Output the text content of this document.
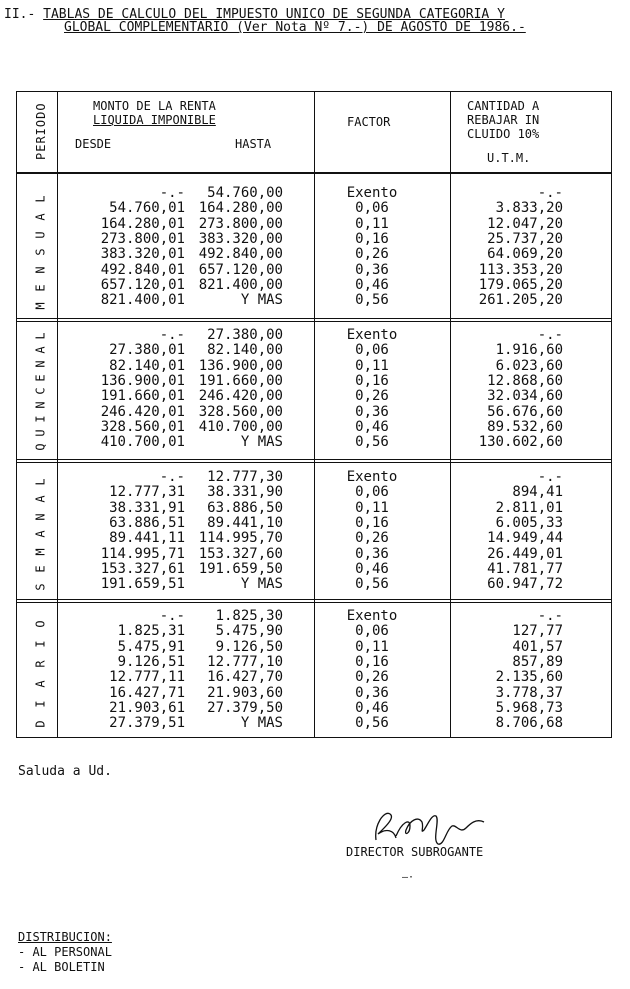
II.- TABLAS DE CALCULO DEL IMPUESTO UNICO DE SEGUNDA CATEGORIA Y
GLOBAL COMPLEMENTARIO (Ver Nota Nº 7.-) DE AGOSTO DE 1986.-
PERIODO	MONTO DE LA RENTA
LIQUIDA IMPONIBLE
DESDE	HASTA
FACTOR
CANTIDAD A
REBAJAR IN
CLUIDO 10%
U.T.M.
M
E
N
S
U
A
L	-.-	54.760,00	Exento	-.-
54.760,01 164.280,00	0,06	3.833,20
164.280,01 273.800,00	0,11	12.047,20
273.800,01 383.320,00	0,16	25.737,20
383.320,01 492.840,00	0,26	64.069,20
492.840,01 657.120,00	0,36	113.353,20
657.120,01 821.400,00	0,46	179.065,20
821.400,01	Y MAS	0,56	261.205,20
Q
U
I
N
C
E
N
A
L	-.-	27.380,00	Exento	-.-
27.380,01	82.140,00	0,06	1.916,60
82.140,01 136.900,00	0,11	6.023,60
136.900,01 191.660,00	0,16	12.868,60
191.660,01 246.420,00	0,26	32.034,60
246.420,01 328.560,00	0,36	56.676,60
328.560,01 410.700,00	0,46	89.532,60
410.700,01	Y MAS	0,56	130.602,60
S
E
M
A
N
A
L	-.-	12.777,30	Exento	-.-
12.777,31	38.331,90	0,06	894,41
38.331,91	63.886,50	0,11	2.811,01
63.886,51	89.441,10	0,16	6.005,33
89.441,11 114.995,70	0,26	14.949,44
114.995,71 153.327,60	0,36	26.449,01
153.327,61 191.659,50	0,46	41.781,77
191.659,51	Y MAS	0,56	60.947,72
D
I
A
R
I
O	-.-	1.825,30	Exento	-.-
1.825,31	5.475,90	0,06	127,77
5.475,91	9.126,50	0,11	401,57
9.126,51	12.777,10	0,16	857,89
12.777,11	16.427,70	0,26	2.135,60
16.427,71	21.903,60	0,36	3.778,37
21.903,61	27.379,50	0,46	5.968,73
27.379,51	Y MAS	0,56	8.706,68
Saluda a Ud.
DIRECTOR SUBROGANTE
—·
DISTRIBUCION:
- AL PERSONAL
- AL BOLETIN
